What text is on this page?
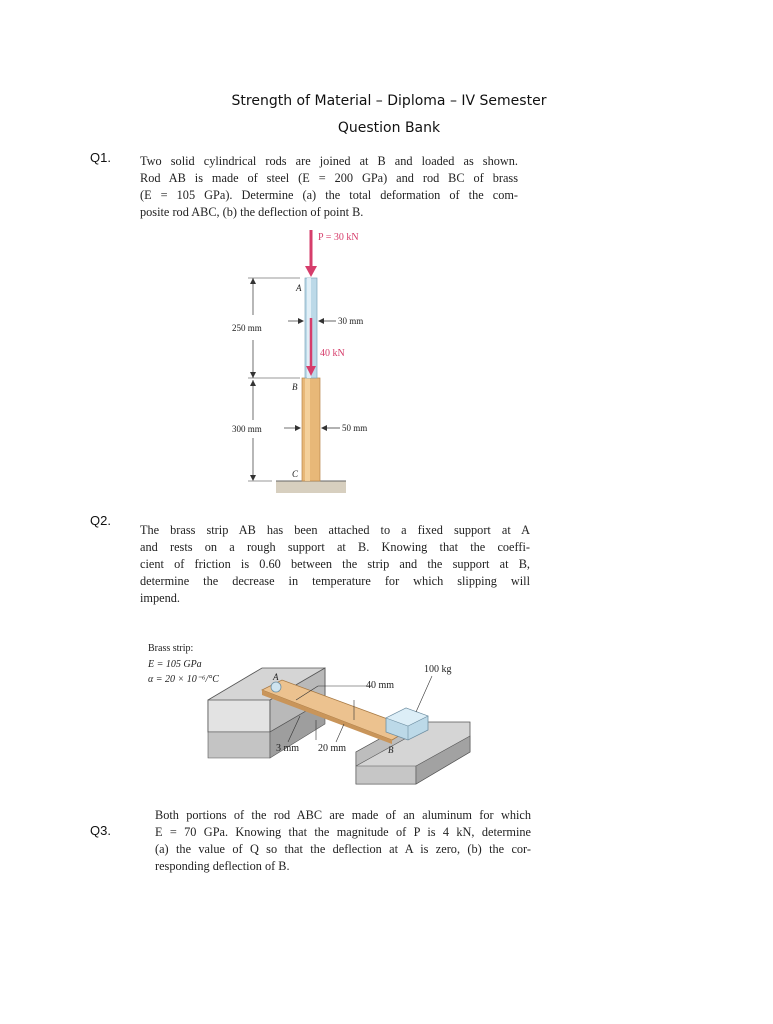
Strength of Material – Diploma – IV Semester
Question Bank
Q1. Two solid cylindrical rods are joined at B and loaded as shown.
Rod AB is made of steel (E = 200 GPa) and rod BC of brass
(E = 105 GPa). Determine (a) the total deformation of the com-
posite rod ABC, (b) the deflection of point B.
P = 30 kN
40 kN
A
B
C
250 mm
300 mm
30 mm
50 mm
Q2.
The brass strip AB has been attached to a fixed support at A
and rests on a rough support at B. Knowing that the coeffi-
cient of friction is 0.60 between the strip and the support at B,
determine the decrease in temperature for which slipping will
impend.
Brass strip:
E = 105 GPa
α = 20 × 10⁻⁶/°C
100 kg
40 mm
3 mm 20 mm
A
B
Q3.
Both portions of the rod ABC are made of an aluminum for which
E = 70 GPa. Knowing that the magnitude of P is 4 kN, determine
(a) the value of Q so that the deflection at A is zero, (b) the cor-
responding deflection of B.
